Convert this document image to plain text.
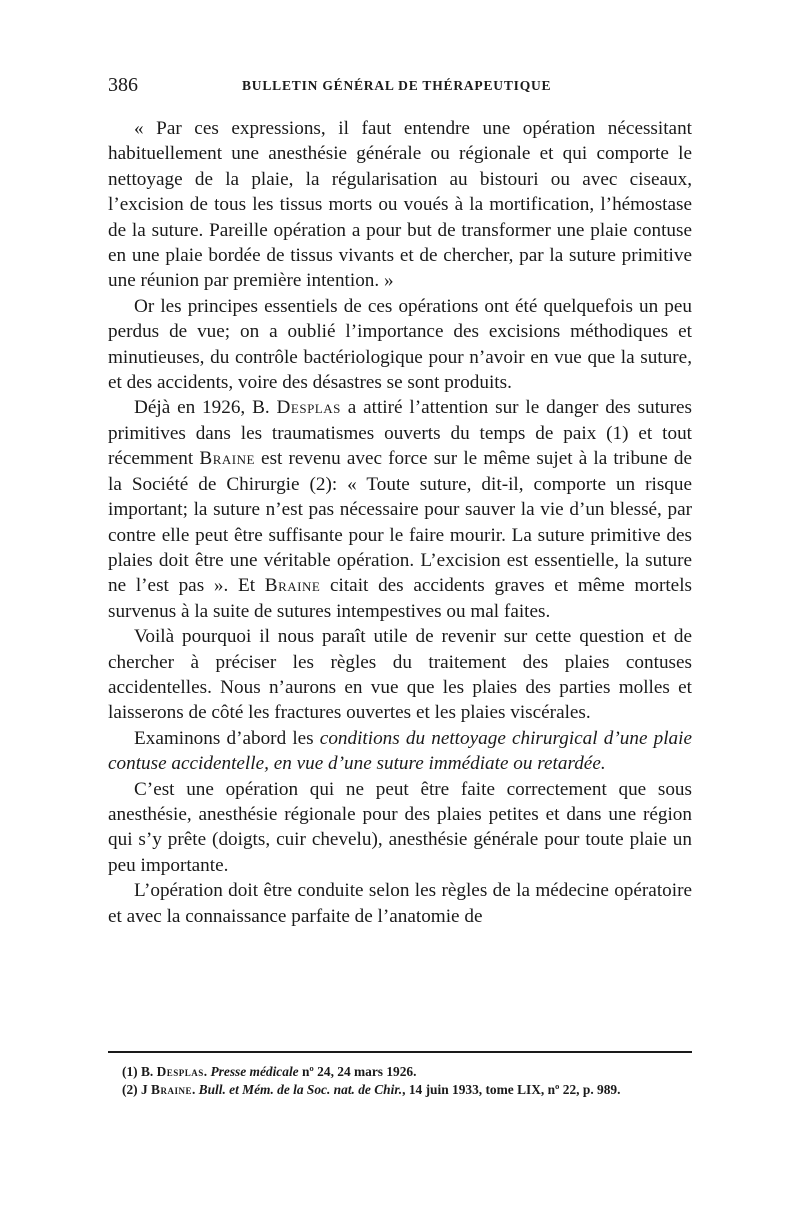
386	BULLETIN GÉNÉRAL DE THÉRAPEUTIQUE

« Par ces expressions, il faut entendre une opération nécessitant habituellement une anesthésie générale ou régionale et qui comporte le nettoyage de la plaie, la régularisation au bistouri ou avec ciseaux, l’excision de tous les tissus morts ou voués à la mortification, l’hémostase de la suture. Pareille opération a pour but de transformer une plaie contuse en une plaie bordée de tissus vivants et de chercher, par la suture primitive une réunion par première intention. »

Or les principes essentiels de ces opérations ont été quelquefois un peu perdus de vue; on a oublié l’importance des excisions méthodiques et minutieuses, du contrôle bactériologique pour n’avoir en vue que la suture, et des accidents, voire des désastres se sont produits.

Déjà en 1926, B. Desplas a attiré l’attention sur le danger des sutures primitives dans les traumatismes ouverts du temps de paix (1) et tout récemment Braine est revenu avec force sur le même sujet à la tribune de la Société de Chirurgie (2): « Toute suture, dit-il, comporte un risque important; la suture n’est pas nécessaire pour sauver la vie d’un blessé, par contre elle peut être suffisante pour le faire mourir. La suture primitive des plaies doit être une véritable opération. L’excision est essentielle, la suture ne l’est pas ». Et Braine citait des accidents graves et même mortels survenus à la suite de sutures intempestives ou mal faites.

Voilà pourquoi il nous paraît utile de revenir sur cette question et de chercher à préciser les règles du traitement des plaies contuses accidentelles. Nous n’aurons en vue que les plaies des parties molles et laisserons de côté les fractures ouvertes et les plaies viscérales.

Examinons d’abord les conditions du nettoyage chirurgical d’une plaie contuse accidentelle, en vue d’une suture immédiate ou retardée.

C’est une opération qui ne peut être faite correctement que sous anesthésie, anesthésie régionale pour des plaies petites et dans une région qui s’y prête (doigts, cuir chevelu), anesthésie générale pour toute plaie un peu importante.

L’opération doit être conduite selon les règles de la médecine opératoire et avec la connaissance parfaite de l’anatomie de

(1) B. Desplas. Presse médicale nº 24, 24 mars 1926.

(2) J Braine. Bull. et Mém. de la Soc. nat. de Chir., 14 juin 1933, tome LIX, nº 22, p. 989.
